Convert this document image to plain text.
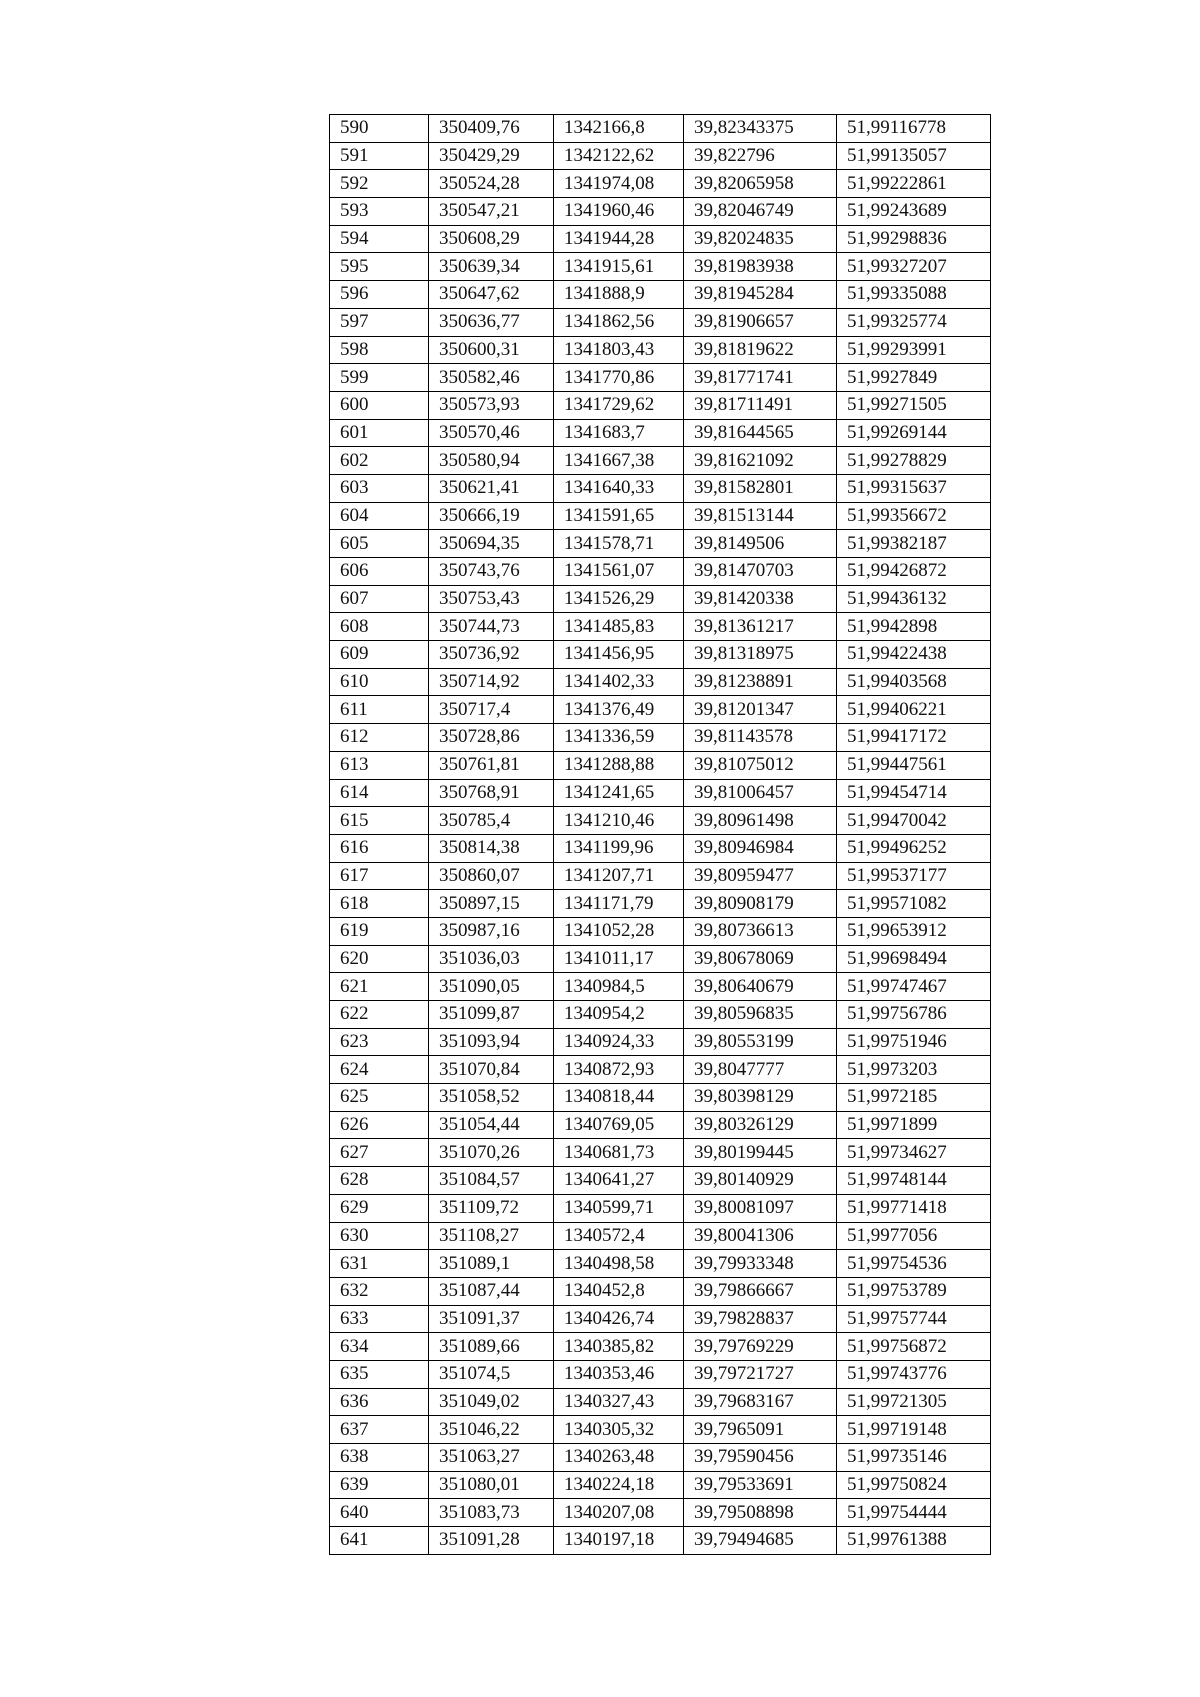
590	350409,76	1342166,8	39,82343375	51,99116778
591	350429,29	1342122,62	39,822796	51,99135057
592	350524,28	1341974,08	39,82065958	51,99222861
593	350547,21	1341960,46	39,82046749	51,99243689
594	350608,29	1341944,28	39,82024835	51,99298836
595	350639,34	1341915,61	39,81983938	51,99327207
596	350647,62	1341888,9	39,81945284	51,99335088
597	350636,77	1341862,56	39,81906657	51,99325774
598	350600,31	1341803,43	39,81819622	51,99293991
599	350582,46	1341770,86	39,81771741	51,9927849
600	350573,93	1341729,62	39,81711491	51,99271505
601	350570,46	1341683,7	39,81644565	51,99269144
602	350580,94	1341667,38	39,81621092	51,99278829
603	350621,41	1341640,33	39,81582801	51,99315637
604	350666,19	1341591,65	39,81513144	51,99356672
605	350694,35	1341578,71	39,8149506	51,99382187
606	350743,76	1341561,07	39,81470703	51,99426872
607	350753,43	1341526,29	39,81420338	51,99436132
608	350744,73	1341485,83	39,81361217	51,9942898
609	350736,92	1341456,95	39,81318975	51,99422438
610	350714,92	1341402,33	39,81238891	51,99403568
611	350717,4	1341376,49	39,81201347	51,99406221
612	350728,86	1341336,59	39,81143578	51,99417172
613	350761,81	1341288,88	39,81075012	51,99447561
614	350768,91	1341241,65	39,81006457	51,99454714
615	350785,4	1341210,46	39,80961498	51,99470042
616	350814,38	1341199,96	39,80946984	51,99496252
617	350860,07	1341207,71	39,80959477	51,99537177
618	350897,15	1341171,79	39,80908179	51,99571082
619	350987,16	1341052,28	39,80736613	51,99653912
620	351036,03	1341011,17	39,80678069	51,99698494
621	351090,05	1340984,5	39,80640679	51,99747467
622	351099,87	1340954,2	39,80596835	51,99756786
623	351093,94	1340924,33	39,80553199	51,99751946
624	351070,84	1340872,93	39,8047777	51,9973203
625	351058,52	1340818,44	39,80398129	51,9972185
626	351054,44	1340769,05	39,80326129	51,9971899
627	351070,26	1340681,73	39,80199445	51,99734627
628	351084,57	1340641,27	39,80140929	51,99748144
629	351109,72	1340599,71	39,80081097	51,99771418
630	351108,27	1340572,4	39,80041306	51,9977056
631	351089,1	1340498,58	39,79933348	51,99754536
632	351087,44	1340452,8	39,79866667	51,99753789
633	351091,37	1340426,74	39,79828837	51,99757744
634	351089,66	1340385,82	39,79769229	51,99756872
635	351074,5	1340353,46	39,79721727	51,99743776
636	351049,02	1340327,43	39,79683167	51,99721305
637	351046,22	1340305,32	39,7965091	51,99719148
638	351063,27	1340263,48	39,79590456	51,99735146
639	351080,01	1340224,18	39,79533691	51,99750824
640	351083,73	1340207,08	39,79508898	51,99754444
641	351091,28	1340197,18	39,79494685	51,99761388
